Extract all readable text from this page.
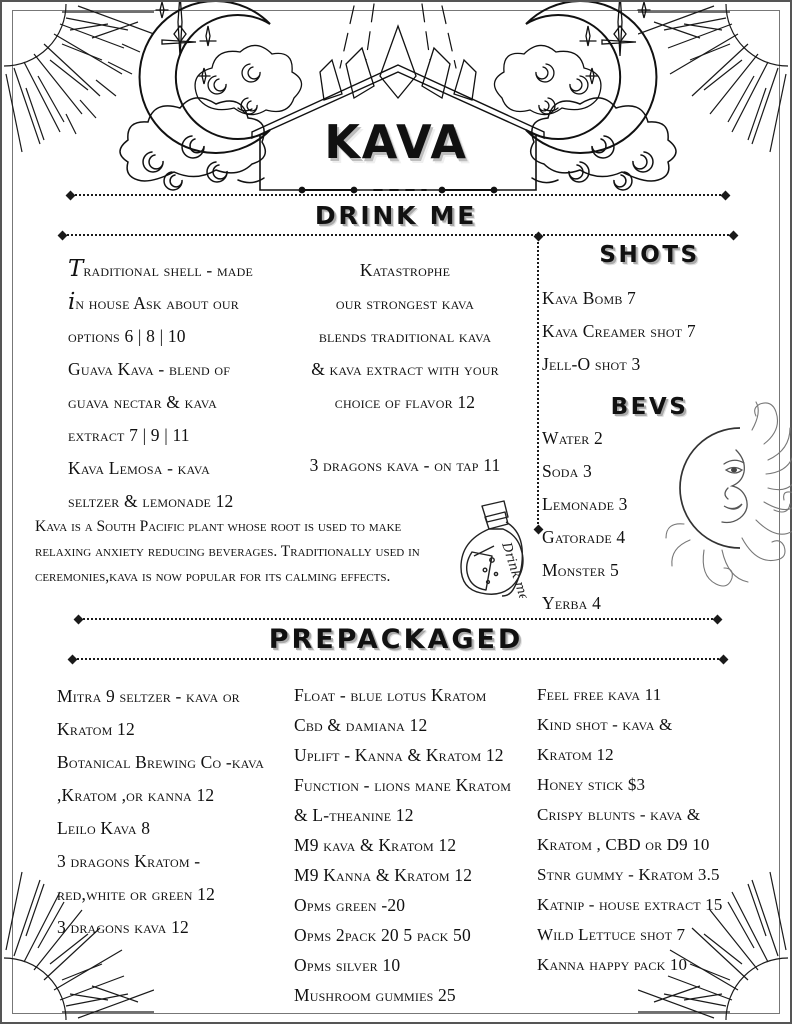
KAVA
DRINK ME
SHOTS
BEVS
Traditional shell - made
in house Ask about our
options 6 | 8 | 10
Guava Kava - blend of
guava nectar & kava
extract 7 | 9 | 11
Kava Lemosa - kava
seltzer & lemonade 12
Katastrophe
our strongest kava
blends traditional kava
& kava extract with your
choice of flavor 12
3 dragons kava - on tap 11
Kava Bomb 7
Kava Creamer shot 7
Jell-O shot 3
Water 2
Soda 3
Lemonade 3
Gatorade 4
Monster 5
Yerba 4
Kava is a South Pacific plant whose root is used to make relaxing anxiety reducing beverages. Traditionally used in ceremonies,kava is now popular for its calming effects.	Drink me
PREPACKAGED
Mitra 9 seltzer - kava or
Kratom 12
Botanical Brewing Co -kava
,Kratom ,or kanna 12
Leilo Kava 8
3 dragons Kratom -
red,white or green 12
3 dragons kava 12
Float - blue lotus Kratom
Cbd & damiana 12
Uplift - Kanna & Kratom 12
Function - lions mane Kratom
& L-theanine 12
M9 kava & Kratom 12
M9 Kanna & Kratom 12
Opms green -20
Opms 2pack 20 5 pack 50
Opms silver 10
Mushroom gummies 25
Feel free kava 11
Kind shot - kava &
Kratom 12
Honey stick $3
Crispy blunts - kava &
Kratom , CBD or D9 10
Stnr gummy - Kratom 3.5
Katnip - house extract 15
Wild Lettuce shot 7
Kanna happy pack 10
